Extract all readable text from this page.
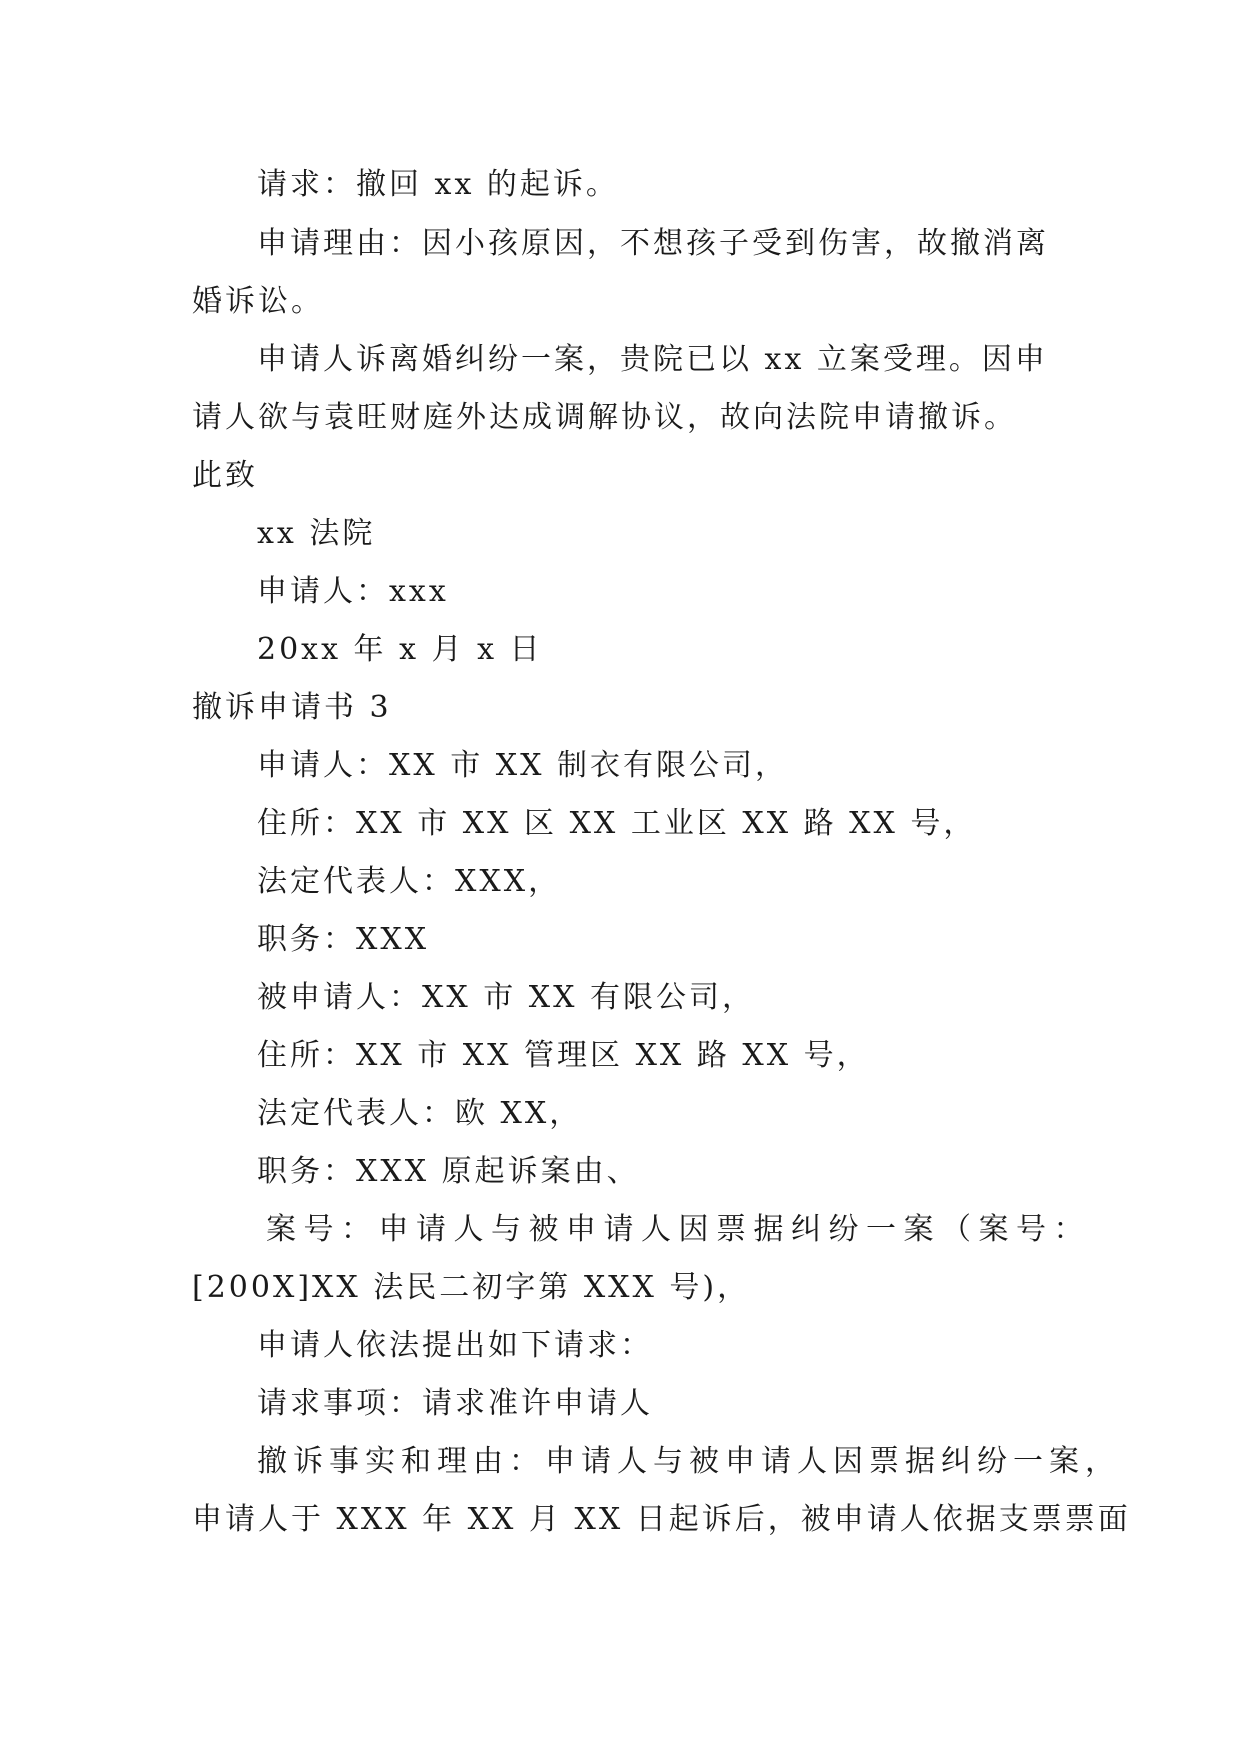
请求：撤回 xx 的起诉。

申请理由：因小孩原因，不想孩子受到伤害，故撤消离

婚诉讼。

申请人诉离婚纠纷一案，贵院已以 xx 立案受理。因申

请人欲与袁旺财庭外达成调解协议，故向法院申请撤诉。

此致

xx 法院

申请人：xxx

20xx 年 x 月 x 日

撤诉申请书 3

申请人：XX 市 XX 制衣有限公司，

住所：XX 市 XX 区 XX 工业区 XX 路 XX 号，

法定代表人：XXX，

职务：XXX

被申请人：XX 市 XX 有限公司，

住所：XX 市 XX 管理区 XX 路 XX 号，

法定代表人：欧 XX，

职务：XXX 原起诉案由、

案号：申请人与被申请人因票据纠纷一案（案号：

[200X]XX 法民二初字第 XXX 号)，

申请人依法提出如下请求：

请求事项：请求准许申请人

撤诉事实和理由：申请人与被申请人因票据纠纷一案，

申请人于 XXX 年 XX 月 XX 日起诉后，被申请人依据支票票面
